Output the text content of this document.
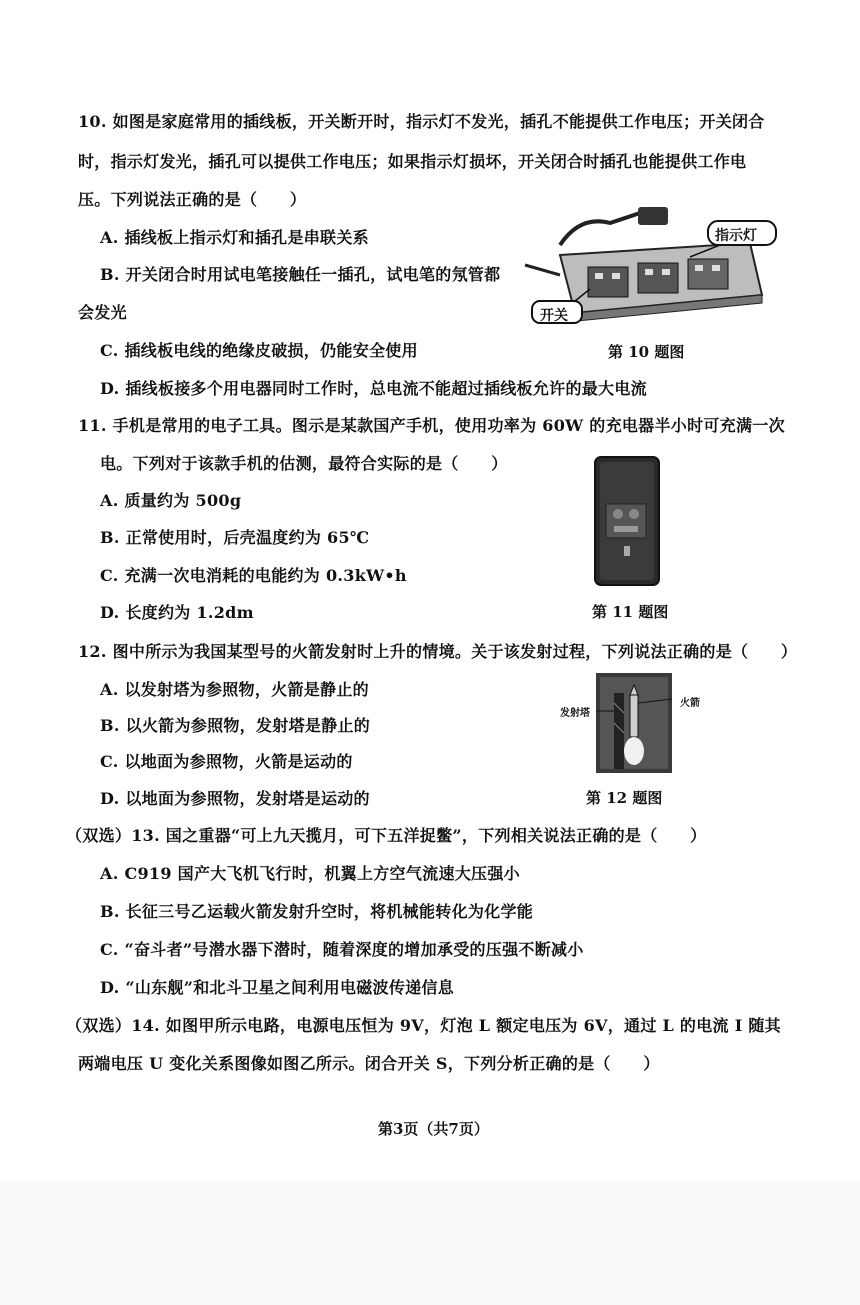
10. 如图是家庭常用的插线板，开关断开时，指示灯不发光，插孔不能提供工作电压；开关闭合
时，指示灯发光，插孔可以提供工作电压；如果指示灯损坏，开关闭合时插孔也能提供工作电
压。下列说法正确的是（　　）
A. 插线板上指示灯和插孔是串联关系
B. 开关闭合时用试电笔接触任一插孔，试电笔的氖管都
会发光
C. 插线板电线的绝缘皮破损，仍能安全使用
D. 插线板接多个用电器同时工作时，总电流不能超过插线板允许的最大电流
指示灯
开关
第 10 题图
11. 手机是常用的电子工具。图示是某款国产手机，使用功率为 60W 的充电器半小时可充满一次
电。下列对于该款手机的估测，最符合实际的是（　　）
A. 质量约为 500g
B. 正常使用时，后壳温度约为 65℃
C. 充满一次电消耗的电能约为 0.3kW•h
D. 长度约为 1.2dm	第 11 题图
12. 图中所示为我国某型号的火箭发射时上升的情境。关于该发射过程，下列说法正确的是（　　）
A. 以发射塔为参照物，火箭是静止的
B. 以火箭为参照物，发射塔是静止的
C. 以地面为参照物，火箭是运动的
D. 以地面为参照物，发射塔是运动的
发射塔
火箭
第 12 题图
（双选）13. 国之重器“可上九天揽月，可下五洋捉鳖”，下列相关说法正确的是（　　）
A. C919 国产大飞机飞行时，机翼上方空气流速大压强小
B. 长征三号乙运载火箭发射升空时，将机械能转化为化学能
C. “奋斗者”号潜水器下潜时，随着深度的增加承受的压强不断减小
D. “山东舰”和北斗卫星之间利用电磁波传递信息
（双选）14. 如图甲所示电路，电源电压恒为 9V，灯泡 L 额定电压为 6V，通过 L 的电流 I 随其
两端电压 U 变化关系图像如图乙所示。闭合开关 S，下列分析正确的是（　　）
第3页（共7页）
